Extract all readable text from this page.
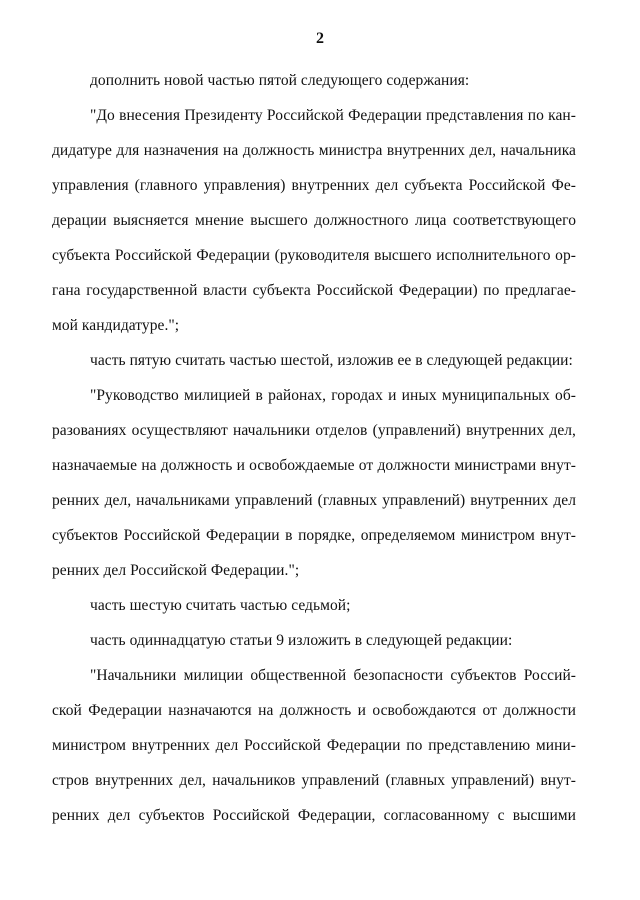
2
дополнить новой частью пятой следующего содержания:
"До внесения Президенту Российской Федерации представления по кан-
дидатуре для назначения на должность министра внутренних дел, начальника
управления (главного управления) внутренних дел субъекта Российской Фе-
дерации выясняется мнение высшего должностного лица соответствующего
субъекта Российской Федерации (руководителя высшего исполнительного ор-
гана государственной власти субъекта Российской Федерации) по предлагае-
мой кандидатуре.";
часть пятую считать частью шестой, изложив ее в следующей редакции:
"Руководство милицией в районах, городах и иных муниципальных об-
разованиях осуществляют начальники отделов (управлений) внутренних дел,
назначаемые на должность и освобождаемые от должности министрами внут-
ренних дел, начальниками управлений (главных управлений) внутренних дел
субъектов Российской Федерации в порядке, определяемом министром внут-
ренних дел Российской Федерации.";
часть шестую считать частью седьмой;
часть одиннадцатую статьи 9 изложить в следующей редакции:
"Начальники милиции общественной безопасности субъектов Россий-
ской Федерации назначаются на должность и освобождаются от должности
министром внутренних дел Российской Федерации по представлению мини-
стров внутренних дел, начальников управлений (главных управлений) внут-
ренних дел субъектов Российской Федерации, согласованному с высшими
